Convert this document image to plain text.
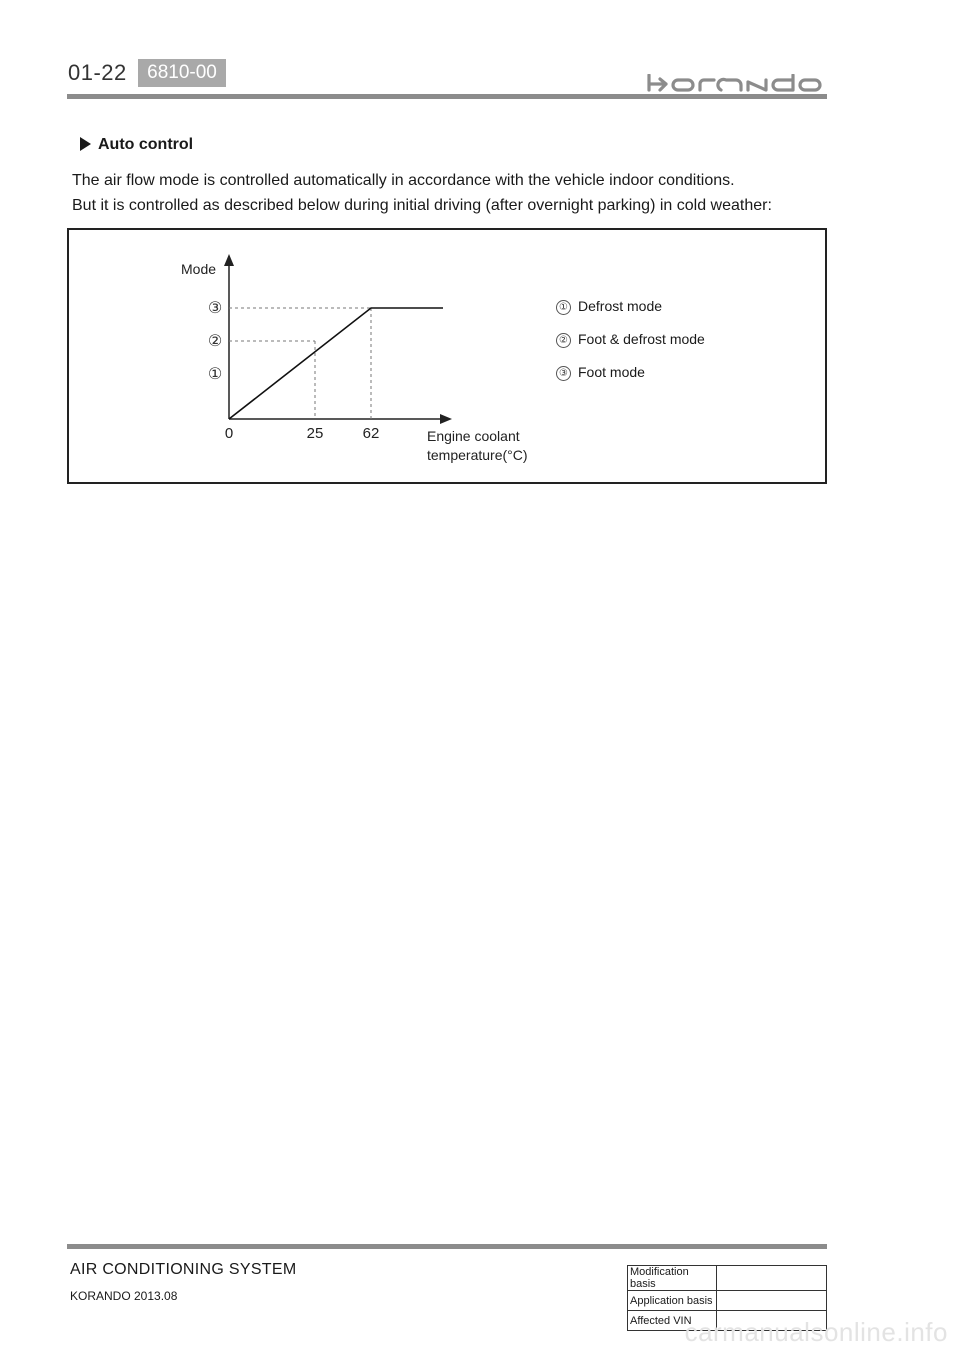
01-22	6810-00
Auto control
The air flow mode is controlled automatically in accordance with the vehicle indoor conditions.
But it is controlled as described below during initial driving (after overnight parking) in cold weather:
Mode
①
②
③
0	25	62	Engine coolant temperature(°C)
① Defrost mode
② Foot & defrost mode
③ Foot mode
AIR CONDITIONING SYSTEM
KORANDO 2013.08
Modification basis	
Application basis	
Affected VIN	
carmanualsonline.info
